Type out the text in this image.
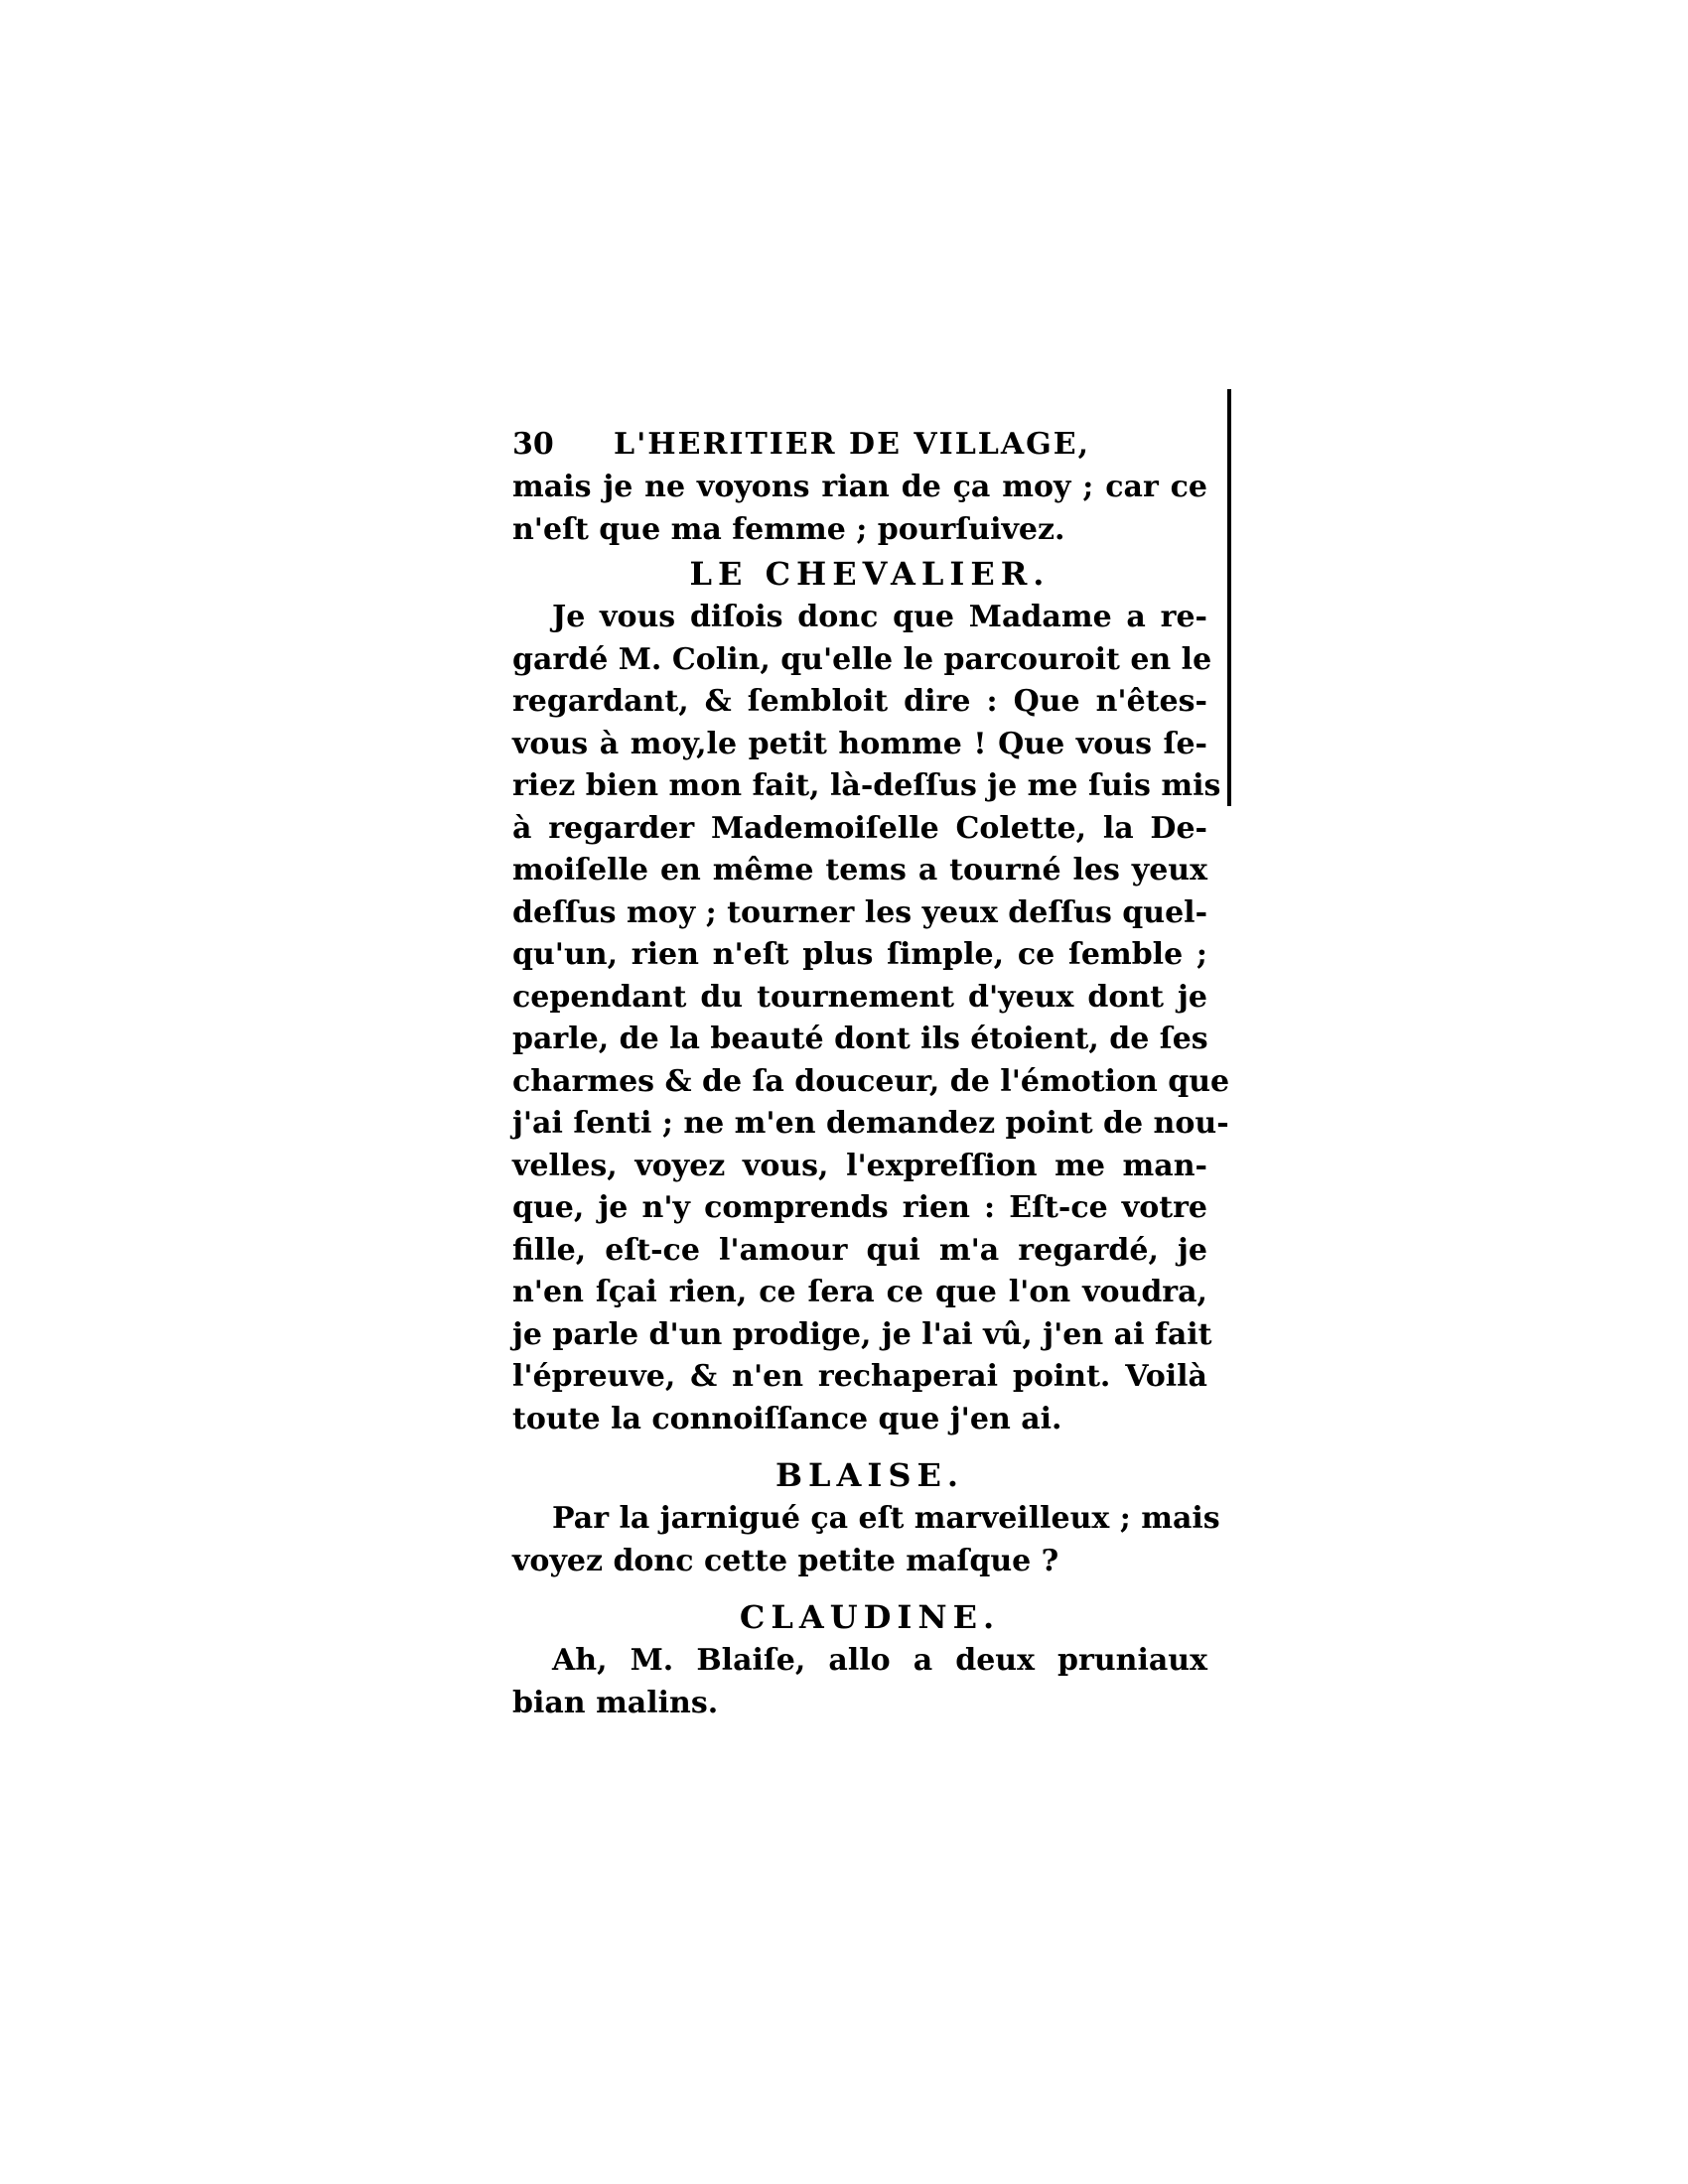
30 L'HERITIER DE VILLAGE,
mais je ne voyons rian de ça moy ; car ce
n'eſt que ma femme ; pourſuivez.
LE CHEVALIER.
Je vous diſois donc que Madame a re-
gardé M. Colin, qu'elle le parcouroit en le
regardant, & ſembloit dire : Que n'êtes-
vous à moy,le petit homme ! Que vous ſe-
riez bien mon fait, là-deſſus je me ſuis mis
à regarder Mademoiſelle Colette, la De-
moiſelle en même tems a tourné les yeux
deſſus moy ; tourner les yeux deſſus quel-
qu'un, rien n'eſt plus ſimple, ce ſemble ;
cependant du tournement d'yeux dont je
parle, de la beauté dont ils étoient, de ſes
charmes & de ſa douceur, de l'émotion que
j'ai ſenti ; ne m'en demandez point de nou-
velles, voyez vous, l'expreſſion me man-
que, je n'y comprends rien : Eſt-ce votre
fille, eſt-ce l'amour qui m'a regardé, je
n'en ſçai rien, ce ſera ce que l'on voudra,
je parle d'un prodige, je l'ai vû, j'en ai fait
l'épreuve, & n'en rechaperai point. Voilà
toute la connoiſſance que j'en ai.
BLAISE.
Par la jarnigué ça eſt marveilleux ; mais
voyez donc cette petite maſque ?
CLAUDINE.
Ah, M. Blaiſe, allo a deux pruniaux
bian malins.
